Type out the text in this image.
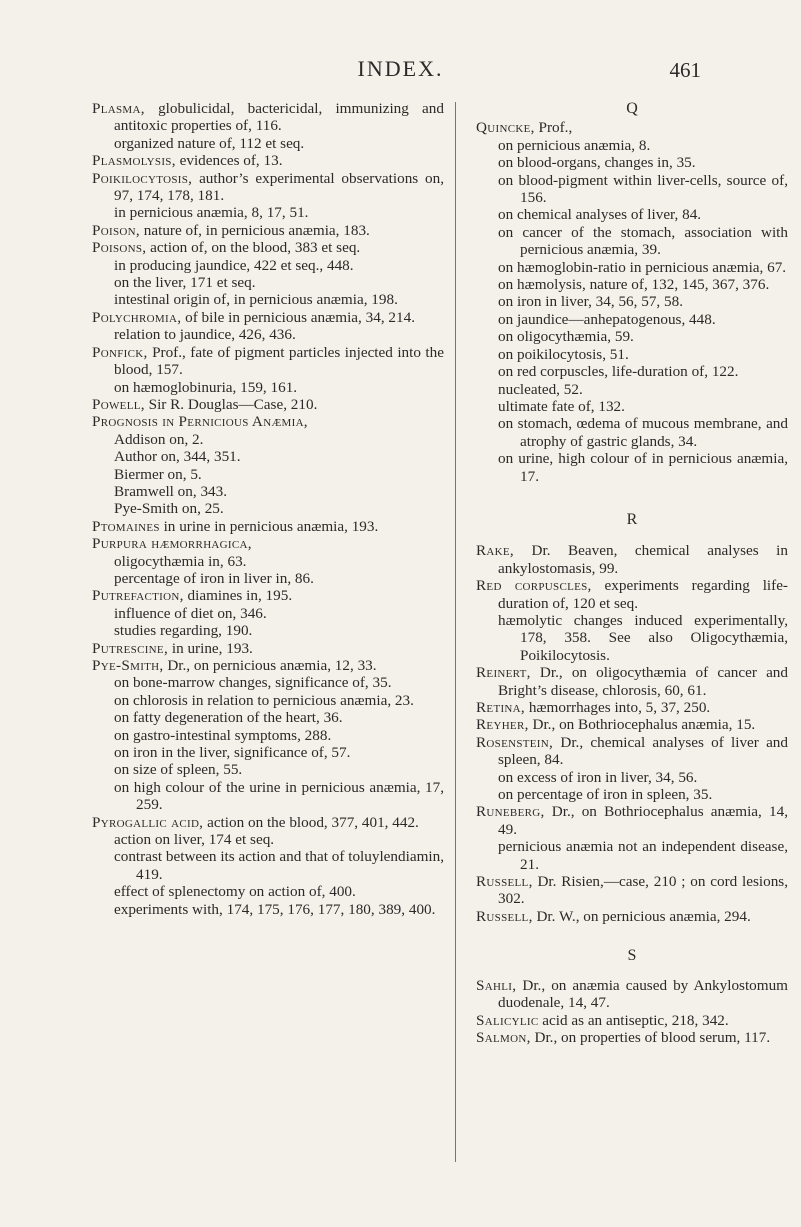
INDEX.	461

Plasma, globulicidal, bactericidal, immunizing and antitoxic properties of, 116.

organized nature of, 112 et seq.

Plasmolysis, evidences of, 13.

Poikilocytosis, author’s experimental observations on, 97, 174, 178, 181.

in pernicious anæmia, 8, 17, 51.

Poison, nature of, in pernicious anæmia, 183.

Poisons, action of, on the blood, 383 et seq.

in producing jaundice, 422 et seq., 448.

on the liver, 171 et seq.

intestinal origin of, in pernicious anæmia, 198.

Polychromia, of bile in pernicious anæmia, 34, 214.

relation to jaundice, 426, 436.

Ponfick, Prof., fate of pigment particles injected into the blood, 157.

on hæmoglobinuria, 159, 161.

Powell, Sir R. Douglas—Case, 210.

Prognosis in Pernicious Anæmia,

Addison on, 2.

Author on, 344, 351.

Biermer on, 5.

Bramwell on, 343.

Pye-Smith on, 25.

Ptomaines in urine in pernicious anæmia, 193.

Purpura hæmorrhagica,

oligocythæmia in, 63.

percentage of iron in liver in, 86.

Putrefaction, diamines in, 195.

influence of diet on, 346.

studies regarding, 190.

Putrescine, in urine, 193.

Pye-Smith, Dr., on pernicious anæmia, 12, 33.

on bone-marrow changes, significance of, 35.

on chlorosis in relation to pernicious anæmia, 23.

on fatty degeneration of the heart, 36.

on gastro-intestinal symptoms, 288.

on iron in the liver, significance of, 57.

on size of spleen, 55.

on high colour of the urine in pernicious anæmia, 17, 259.

Pyrogallic acid, action on the blood, 377, 401, 442.

action on liver, 174 et seq.

contrast between its action and that of toluylendiamin, 419.

effect of splenectomy on action of, 400.

experiments with, 174, 175, 176, 177, 180, 389, 400.

Q

Quincke, Prof.,

on pernicious anæmia, 8.

on blood-organs, changes in, 35.

on blood-pigment within liver-cells, source of, 156.

on chemical analyses of liver, 84.

on cancer of the stomach, association with pernicious anæmia, 39.

on hæmoglobin-ratio in pernicious anæmia, 67.

on hæmolysis, nature of, 132, 145, 367, 376.

on iron in liver, 34, 56, 57, 58.

on jaundice—anhepatogenous, 448.

on oligocythæmia, 59.

on poikilocytosis, 51.

on red corpuscles, life-duration of, 122.

nucleated, 52.

ultimate fate of, 132.

on stomach, œdema of mucous membrane, and atrophy of gastric glands, 34.

on urine, high colour of in pernicious anæmia, 17.

R

Rake, Dr. Beaven, chemical analyses in ankylostomasis, 99.

Red corpuscles, experiments regarding life-duration of, 120 et seq.

hæmolytic changes induced experimentally, 178, 358. See also Oligocythæmia, Poikilocytosis.

Reinert, Dr., on oligocythæmia of cancer and Bright’s disease, chlorosis, 60, 61.

Retina, hæmorrhages into, 5, 37, 250.

Reyher, Dr., on Bothriocephalus anæmia, 15.

Rosenstein, Dr., chemical analyses of liver and spleen, 84.

on excess of iron in liver, 34, 56.

on percentage of iron in spleen, 35.

Runeberg, Dr., on Bothriocephalus anæmia, 14, 49.

pernicious anæmia not an independent disease, 21.

Russell, Dr. Risien,—case, 210 ; on cord lesions, 302.

Russell, Dr. W., on pernicious anæmia, 294.

S

Sahli, Dr., on anæmia caused by Ankylostomum duodenale, 14, 47.

Salicylic acid as an antiseptic, 218, 342.

Salmon, Dr., on properties of blood serum, 117.
